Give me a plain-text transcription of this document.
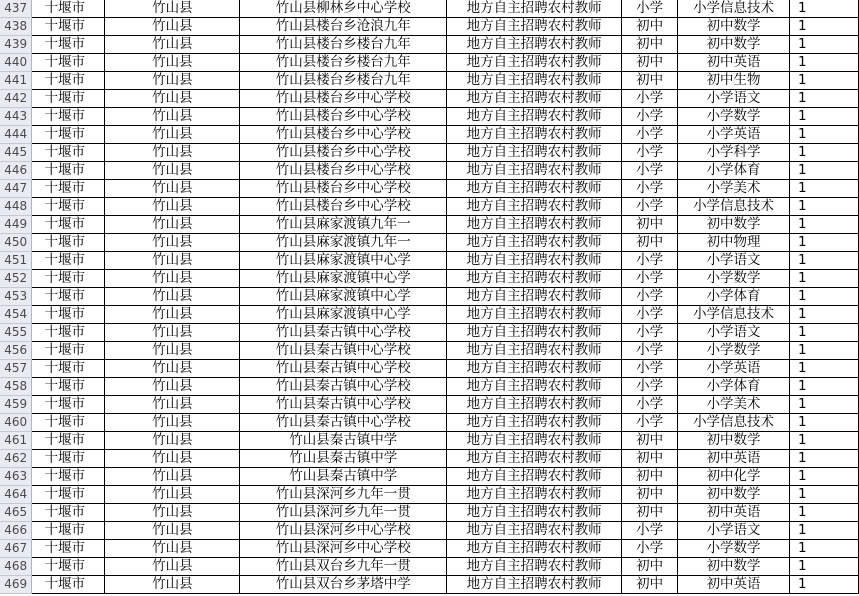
437	十堰市	竹山县	竹山县柳林乡中心学校	地方自主招聘农村教师	小学	小学信息技术	1
438	十堰市	竹山县	竹山县楼台乡沧浪九年	地方自主招聘农村教师	初中	初中数学	1
439	十堰市	竹山县	竹山县楼台乡楼台九年	地方自主招聘农村教师	初中	初中数学	1
440	十堰市	竹山县	竹山县楼台乡楼台九年	地方自主招聘农村教师	初中	初中英语	1
441	十堰市	竹山县	竹山县楼台乡楼台九年	地方自主招聘农村教师	初中	初中生物	1
442	十堰市	竹山县	竹山县楼台乡中心学校	地方自主招聘农村教师	小学	小学语文	1
443	十堰市	竹山县	竹山县楼台乡中心学校	地方自主招聘农村教师	小学	小学数学	1
444	十堰市	竹山县	竹山县楼台乡中心学校	地方自主招聘农村教师	小学	小学英语	1
445	十堰市	竹山县	竹山县楼台乡中心学校	地方自主招聘农村教师	小学	小学科学	1
446	十堰市	竹山县	竹山县楼台乡中心学校	地方自主招聘农村教师	小学	小学体育	1
447	十堰市	竹山县	竹山县楼台乡中心学校	地方自主招聘农村教师	小学	小学美术	1
448	十堰市	竹山县	竹山县楼台乡中心学校	地方自主招聘农村教师	小学	小学信息技术	1
449	十堰市	竹山县	竹山县麻家渡镇九年一	地方自主招聘农村教师	初中	初中数学	1
450	十堰市	竹山县	竹山县麻家渡镇九年一	地方自主招聘农村教师	初中	初中物理	1
451	十堰市	竹山县	竹山县麻家渡镇中心学	地方自主招聘农村教师	小学	小学语文	1
452	十堰市	竹山县	竹山县麻家渡镇中心学	地方自主招聘农村教师	小学	小学数学	1
453	十堰市	竹山县	竹山县麻家渡镇中心学	地方自主招聘农村教师	小学	小学体育	1
454	十堰市	竹山县	竹山县麻家渡镇中心学	地方自主招聘农村教师	小学	小学信息技术	1
455	十堰市	竹山县	竹山县秦古镇中心学校	地方自主招聘农村教师	小学	小学语文	1
456	十堰市	竹山县	竹山县秦古镇中心学校	地方自主招聘农村教师	小学	小学数学	1
457	十堰市	竹山县	竹山县秦古镇中心学校	地方自主招聘农村教师	小学	小学英语	1
458	十堰市	竹山县	竹山县秦古镇中心学校	地方自主招聘农村教师	小学	小学体育	1
459	十堰市	竹山县	竹山县秦古镇中心学校	地方自主招聘农村教师	小学	小学美术	1
460	十堰市	竹山县	竹山县秦古镇中心学校	地方自主招聘农村教师	小学	小学信息技术	1
461	十堰市	竹山县	竹山县秦古镇中学	地方自主招聘农村教师	初中	初中数学	1
462	十堰市	竹山县	竹山县秦古镇中学	地方自主招聘农村教师	初中	初中英语	1
463	十堰市	竹山县	竹山县秦古镇中学	地方自主招聘农村教师	初中	初中化学	1
464	十堰市	竹山县	竹山县深河乡九年一贯	地方自主招聘农村教师	初中	初中数学	1
465	十堰市	竹山县	竹山县深河乡九年一贯	地方自主招聘农村教师	初中	初中英语	1
466	十堰市	竹山县	竹山县深河乡中心学校	地方自主招聘农村教师	小学	小学语文	1
467	十堰市	竹山县	竹山县深河乡中心学校	地方自主招聘农村教师	小学	小学数学	1
468	十堰市	竹山县	竹山县双台乡九年一贯	地方自主招聘农村教师	初中	初中数学	1
469	十堰市	竹山县	竹山县双台乡茅塔中学	地方自主招聘农村教师	初中	初中英语	1
